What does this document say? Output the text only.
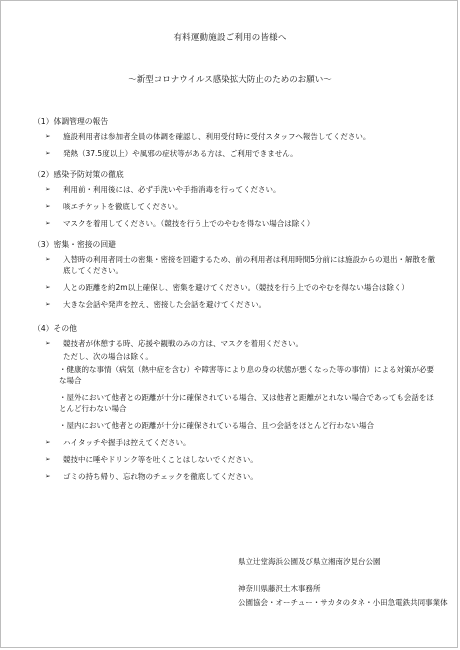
有料運動施設ご利用の皆様へ
～新型コロナウイルス感染拡大防止のためのお願い～
（1）体調管理の報告
➢ 施設利用者は参加者全員の体調を確認し、利用受付時に受付スタッフへ報告してください。
➢ 発熱（37.5度以上）や風邪の症状等がある方は、ご利用できません。
（2）感染予防対策の徹底
➢ 利用前・利用後には、必ず手洗いや手指消毒を行ってください。
➢ 咳エチケットを徹底してください。
➢ マスクを着用してください。（競技を行う上でのやむを得ない場合は除く）
（3）密集・密接の回避
➢ 入替時の利用者同士の密集・密接を回避するため、前の利用者は利用時間5分前には施設からの退出・解散を徹底してください。
➢ 人との距離を約2m以上確保し、密集を避けてください。（競技を行う上でのやむを得ない場合は除く）
➢ 大きな会話や発声を控え、密接した会話を避けてください。
（4）その他
➢ 競技者が休憩する時、応援や観戦のみの方は、マスクを着用ください。
ただし、次の場合は除く。
・健康的な事情（病気（熱中症を含む）や障害等により息の身の状態が悪くなった等の事情）による対策が必要な場合
・屋外において他者との距離が十分に確保されている場合、又は他者と距離がとれない場合であっても会話をほとんど行わない場合
・屋内において他者との距離が十分に確保されている場合、且つ会話をほとんど行わない場合
➢ ハイタッチや握手は控えてください。
➢ 競技中に唾やドリンク等を吐くことはしないでください。
➢ ゴミの持ち帰り、忘れ物のチェックを徹底してください。
県立辻堂海浜公園及び県立湘南汐見台公園
神奈川県藤沢土木事務所
公園協会・オーチュー・サカタのタネ・小田急電鉄共同事業体
